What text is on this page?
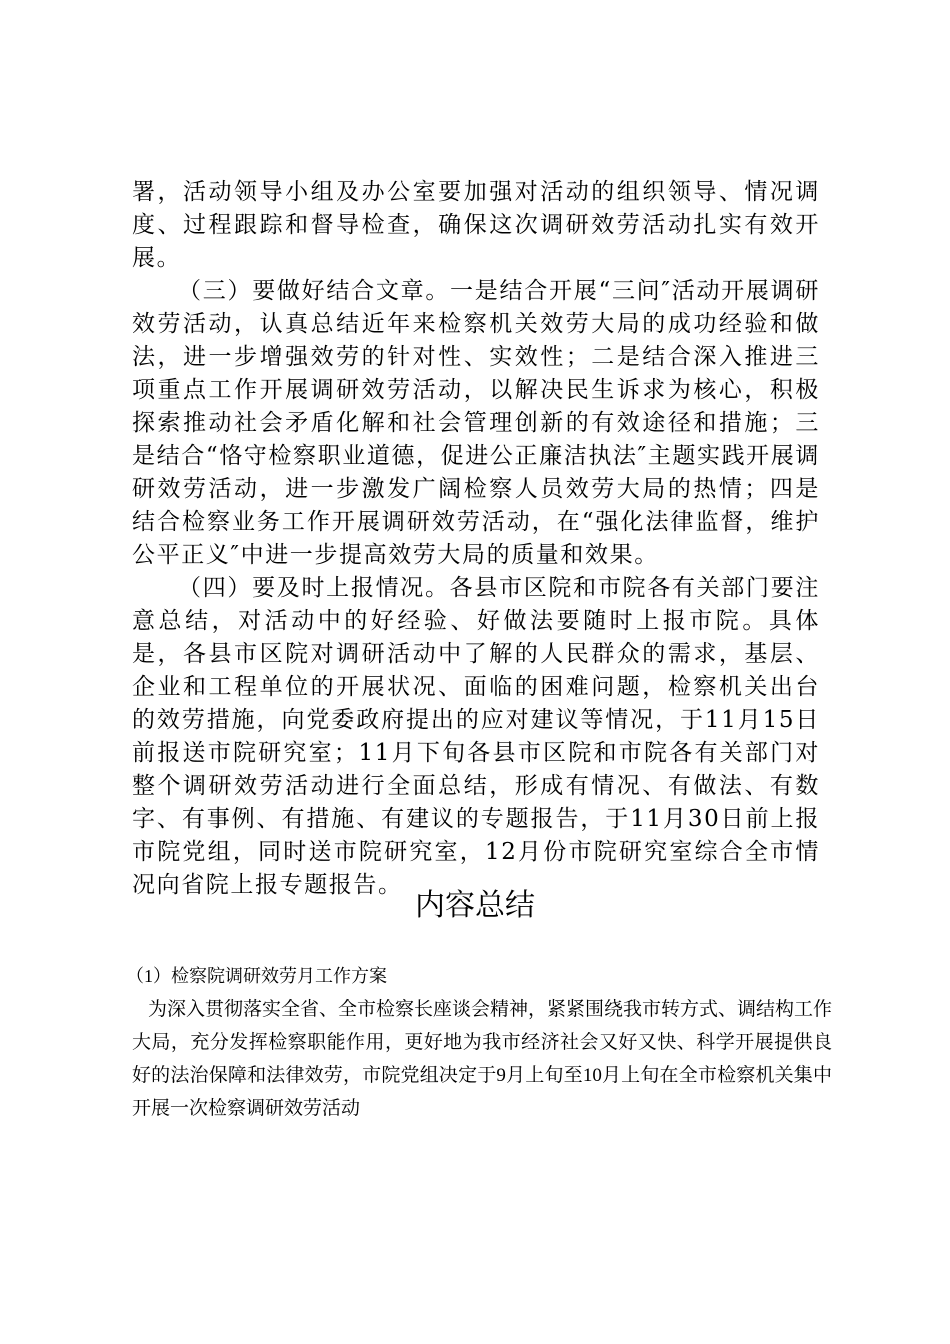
署，活动领导小组及办公室要加强对活动的组织领导、情况调度、过程跟踪和督导检查，确保这次调研效劳活动扎实有效开展。

（三）要做好结合文章。一是结合开展“三问″活动开展调研效劳活动，认真总结近年来检察机关效劳大局的成功经验和做法，进一步增强效劳的针对性、实效性；二是结合深入推进三项重点工作开展调研效劳活动，以解决民生诉求为核心，积极探索推动社会矛盾化解和社会管理创新的有效途径和措施；三是结合“恪守检察职业道德，促进公正廉洁执法″主题实践开展调研效劳活动，进一步激发广阔检察人员效劳大局的热情；四是结合检察业务工作开展调研效劳活动，在“强化法律监督，维护公平正义″中进一步提高效劳大局的质量和效果。

（四）要及时上报情况。各县市区院和市院各有关部门要注意总结，对活动中的好经验、好做法要随时上报市院。具体是，各县市区院对调研活动中了解的人民群众的需求，基层、企业和工程单位的开展状况、面临的困难问题，检察机关出台的效劳措施，向党委政府提出的应对建议等情况，于11月15日前报送市院研究室；11月下旬各县市区院和市院各有关部门对整个调研效劳活动进行全面总结，形成有情况、有做法、有数字、有事例、有措施、有建议的专题报告，于11月30日前上报市院党组，同时送市院研究室，12月份市院研究室综合全市情况向省院上报专题报告。

内容总结

（1）检察院调研效劳月工作方案

为深入贯彻落实全省、全市检察长座谈会精神，紧紧围绕我市转方式、调结构工作大局，充分发挥检察职能作用，更好地为我市经济社会又好又快、科学开展提供良好的法治保障和法律效劳，市院党组决定于9月上旬至10月上旬在全市检察机关集中开展一次检察调研效劳活动
